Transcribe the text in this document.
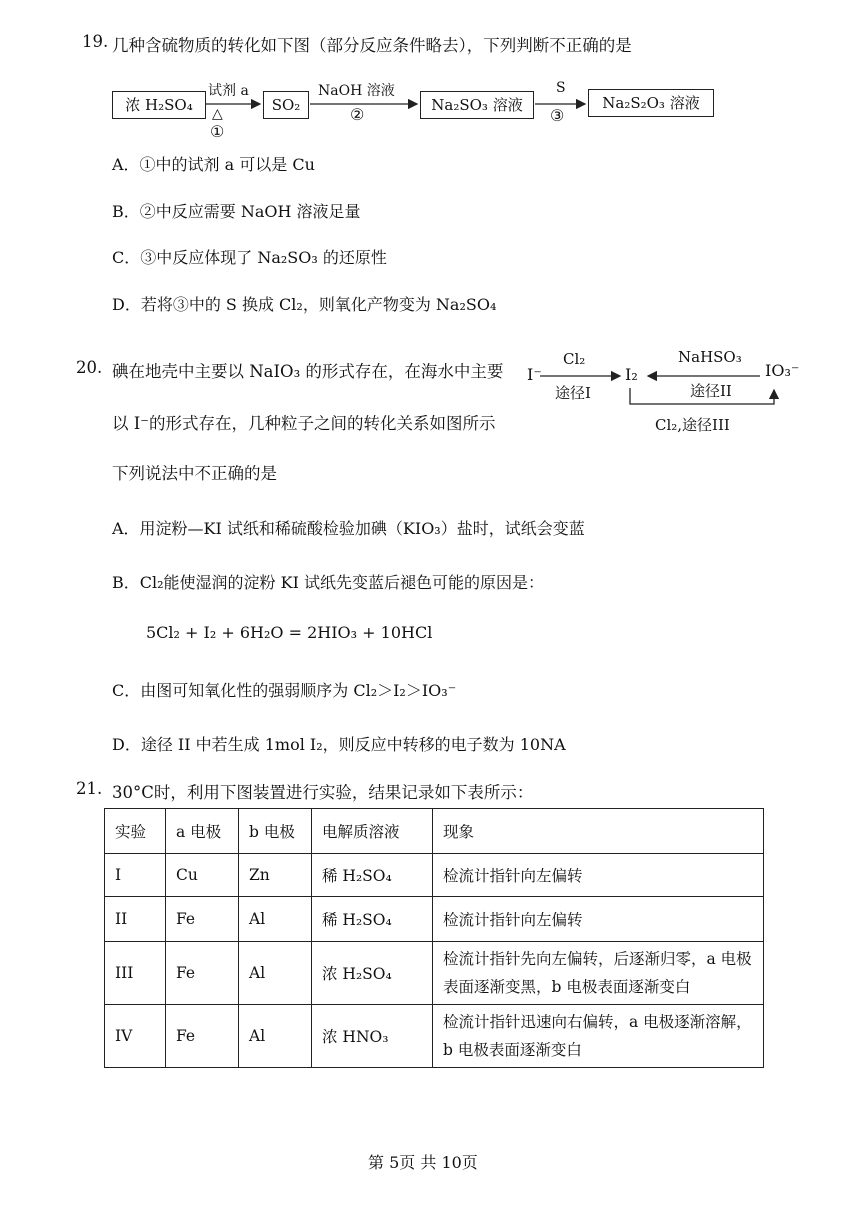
19. 几种含硫物质的转化如下图（部分反应条件略去），下列判断不正确的是
浓 H₂SO₄
试剂 a
△
①
SO₂
NaOH 溶液
②	Na₂SO₃ 溶液
S
③
Na₂S₂O₃ 溶液
A．①中的试剂 a 可以是 Cu
B．②中反应需要 NaOH 溶液足量
C．③中反应体现了 Na₂SO₃ 的还原性
D．若将③中的 S 换成 Cl₂，则氧化产物变为 Na₂SO₄
20. 碘在地壳中主要以 NaIO₃ 的形式存在，在海水中主要
以 I⁻的形式存在，几种粒子之间的转化关系如图所示
下列说法中不正确的是
I⁻
Cl₂
途径I
I₂
NaHSO₃
途径II
IO₃⁻
Cl₂,途径III
A．用淀粉—KI 试纸和稀硫酸检验加碘（KIO₃）盐时，试纸会变蓝
B．Cl₂能使湿润的淀粉 KI 试纸先变蓝后褪色可能的原因是：
5Cl₂ + I₂ + 6H₂O = 2HIO₃ + 10HCl
C．由图可知氧化性的强弱顺序为 Cl₂＞I₂＞IO₃⁻
D．途径 II 中若生成 1mol I₂，则反应中转移的电子数为 10NA
21. 30°C时，利用下图装置进行实验，结果记录如下表所示：
实验	a 电极	b 电极	电解质溶液	现象
I	Cu	Zn	稀 H₂SO₄	检流计指针向左偏转
II	Fe	Al	稀 H₂SO₄	检流计指针向左偏转
III	Fe	Al	浓 H₂SO₄	检流计指针先向左偏转，后逐渐归零，a 电极表面逐渐变黑，b 电极表面逐渐变白
IV	Fe	Al	浓 HNO₃	检流计指针迅速向右偏转，a 电极逐渐溶解，b 电极表面逐渐变白
第 5页 共 10页
